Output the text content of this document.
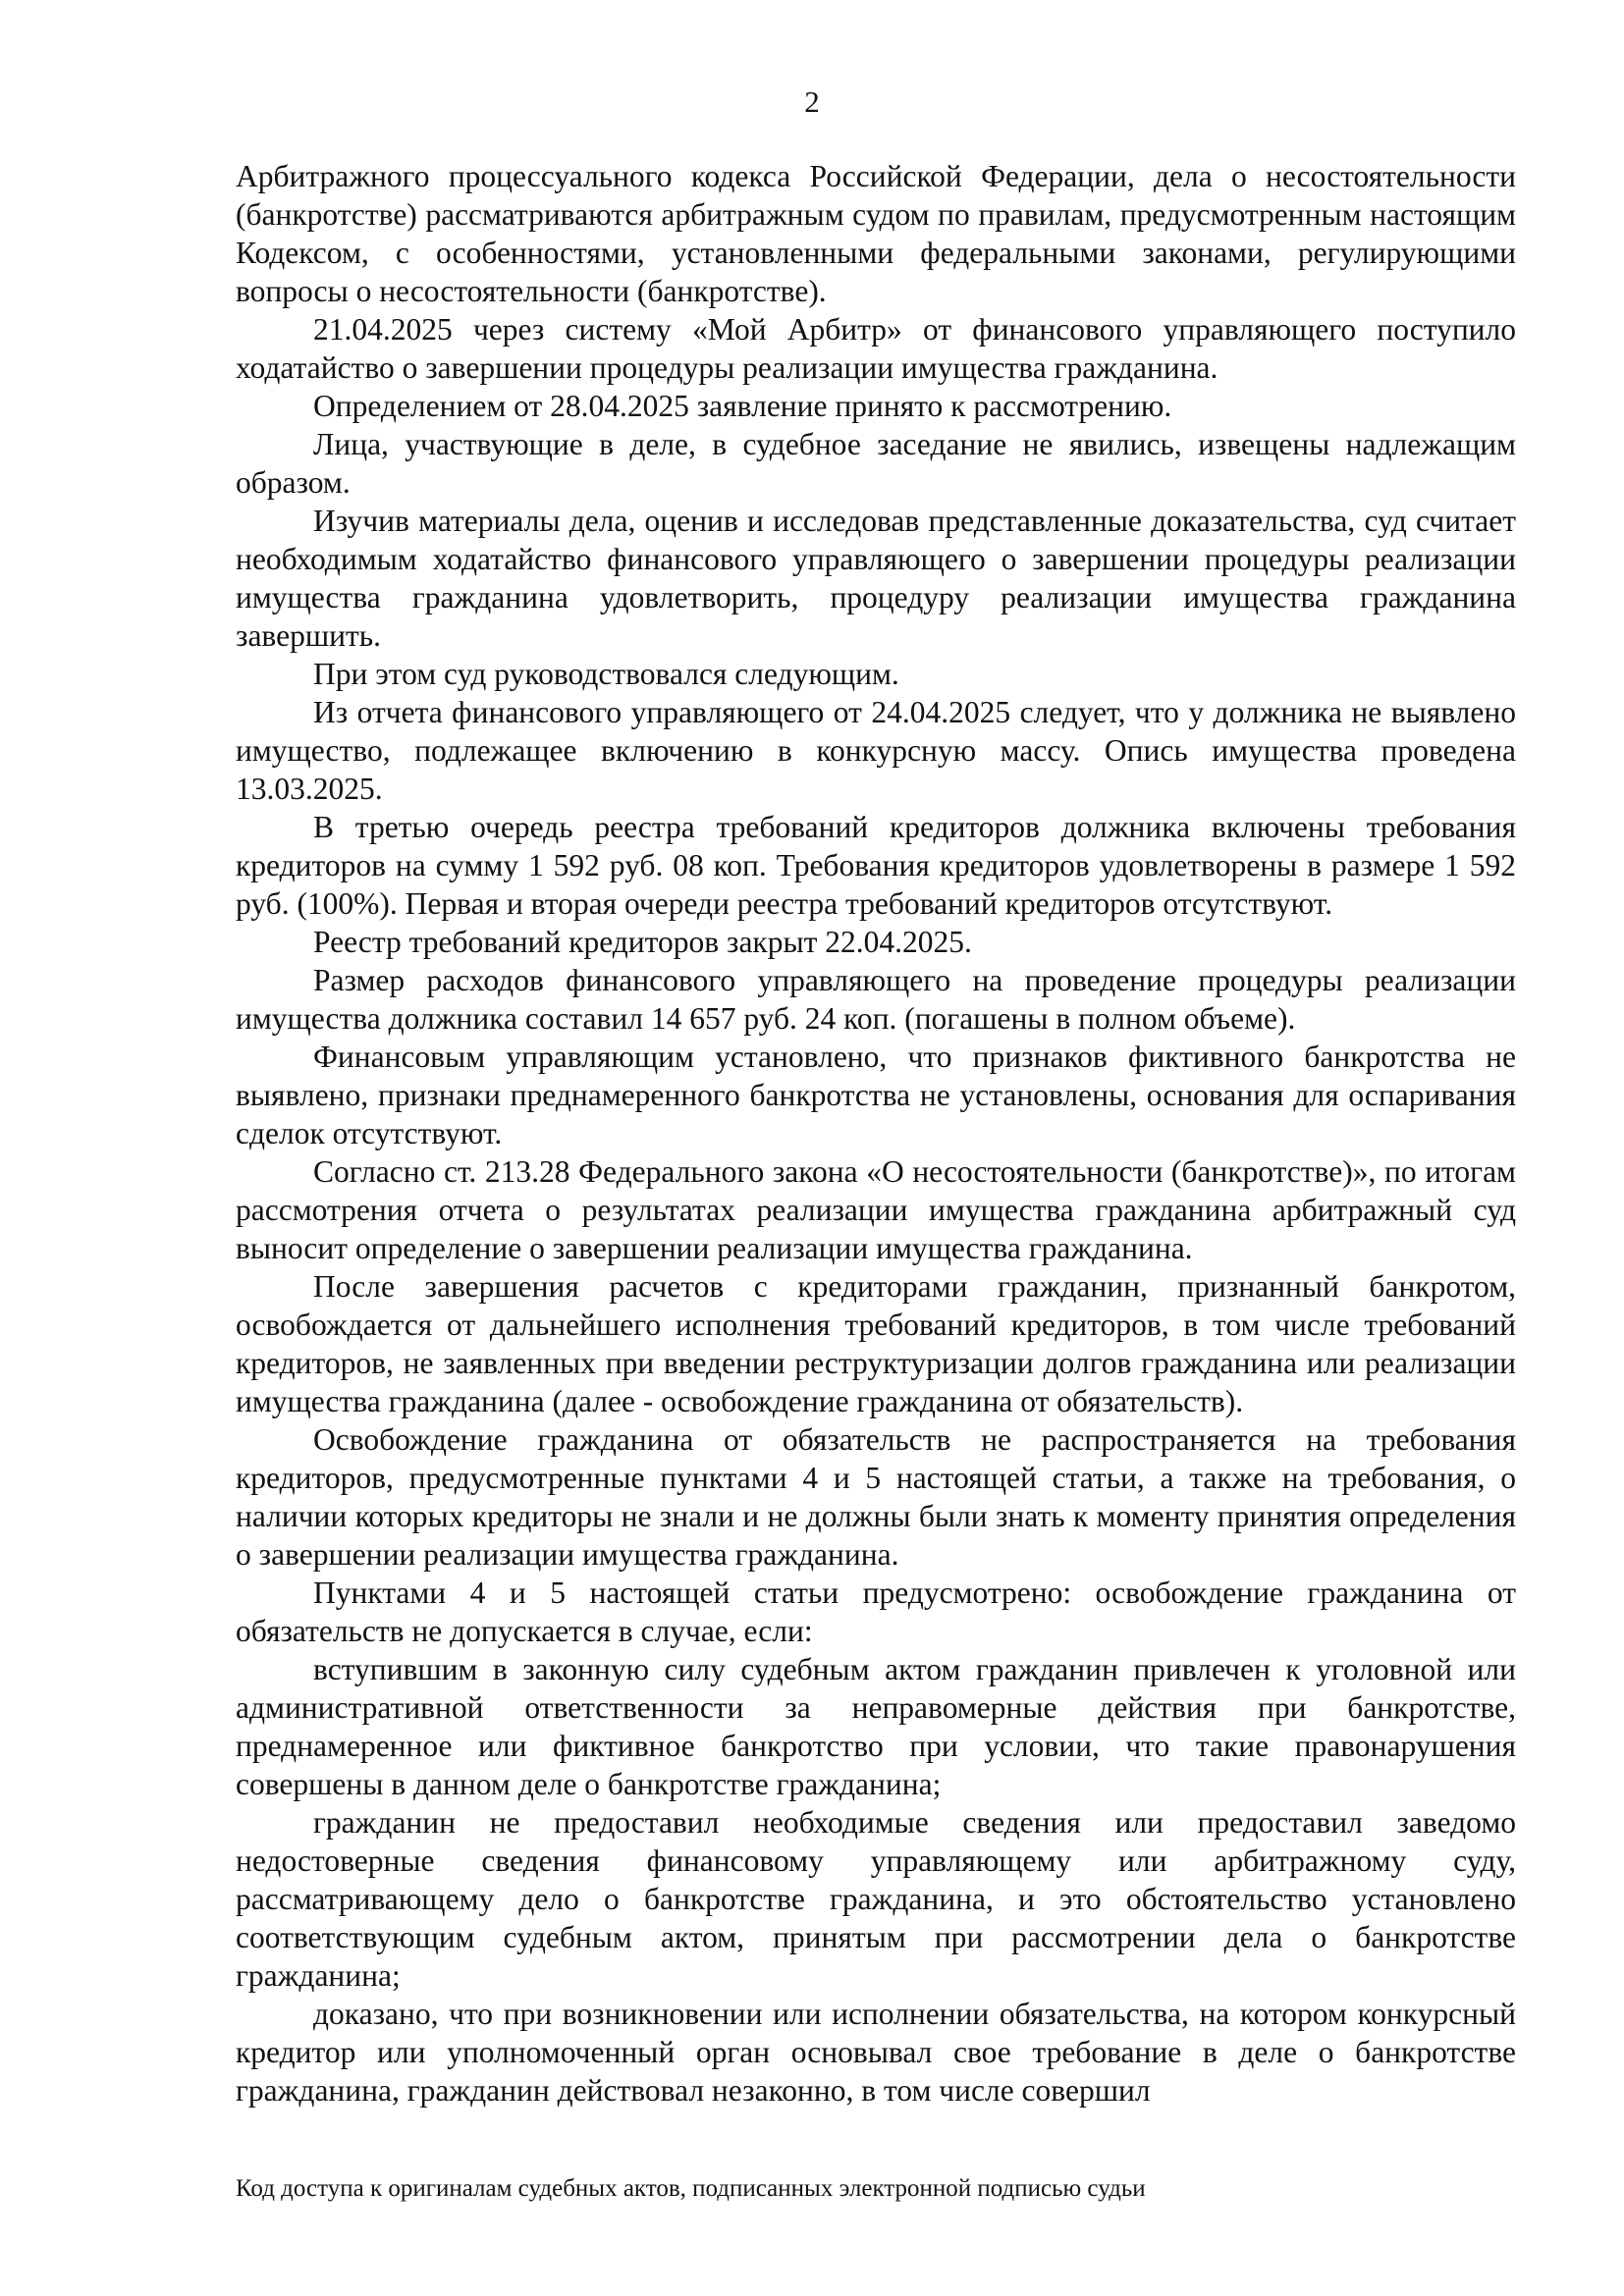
2

Арбитражного процессуального кодекса Российской Федерации, дела о несостоятельности (банкротстве) рассматриваются арбитражным судом по правилам, предусмотренным настоящим Кодексом, с особенностями, установленными федеральными законами, регулирующими вопросы о несостоятельности (банкротстве).

21.04.2025 через систему «Мой Арбитр» от финансового управляющего поступило ходатайство о завершении процедуры реализации имущества гражданина.

Определением от 28.04.2025 заявление принято к рассмотрению.

Лица, участвующие в деле, в судебное заседание не явились, извещены надлежащим образом.

Изучив материалы дела, оценив и исследовав представленные доказательства, суд считает необходимым ходатайство финансового управляющего о завершении процедуры реализации имущества гражданина удовлетворить, процедуру реализации имущества гражданина завершить.

При этом суд руководствовался следующим.

Из отчета финансового управляющего от 24.04.2025 следует, что у должника не выявлено имущество, подлежащее включению в конкурсную массу. Опись имущества проведена 13.03.2025.

В третью очередь реестра требований кредиторов должника включены требования кредиторов на сумму 1 592 руб. 08 коп. Требования кредиторов удовлетворены в размере 1 592 руб. (100%). Первая и вторая очереди реестра требований кредиторов отсутствуют.

Реестр требований кредиторов закрыт 22.04.2025.

Размер расходов финансового управляющего на проведение процедуры реализации имущества должника составил 14 657 руб. 24 коп. (погашены в полном объеме).

Финансовым управляющим установлено, что признаков фиктивного банкротства не выявлено, признаки преднамеренного банкротства не установлены, основания для оспаривания сделок отсутствуют.

Согласно ст. 213.28 Федерального закона «О несостоятельности (банкротстве)», по итогам рассмотрения отчета о результатах реализации имущества гражданина арбитражный суд выносит определение о завершении реализации имущества гражданина.

После завершения расчетов с кредиторами гражданин, признанный банкротом, освобождается от дальнейшего исполнения требований кредиторов, в том числе требований кредиторов, не заявленных при введении реструктуризации долгов гражданина или реализации имущества гражданина (далее - освобождение гражданина от обязательств).

Освобождение гражданина от обязательств не распространяется на требования кредиторов, предусмотренные пунктами 4 и 5 настоящей статьи, а также на требования, о наличии которых кредиторы не знали и не должны были знать к моменту принятия определения о завершении реализации имущества гражданина.

Пунктами 4 и 5 настоящей статьи предусмотрено: освобождение гражданина от обязательств не допускается в случае, если:

вступившим в законную силу судебным актом гражданин привлечен к уголовной или административной ответственности за неправомерные действия при банкротстве, преднамеренное или фиктивное банкротство при условии, что такие правонарушения совершены в данном деле о банкротстве гражданина;

гражданин не предоставил необходимые сведения или предоставил заведомо недостоверные сведения финансовому управляющему или арбитражному суду, рассматривающему дело о банкротстве гражданина, и это обстоятельство установлено соответствующим судебным актом, принятым при рассмотрении дела о банкротстве гражданина;

доказано, что при возникновении или исполнении обязательства, на котором конкурсный кредитор или уполномоченный орган основывал свое требование в деле о банкротстве гражданина, гражданин действовал незаконно, в том числе совершил

Код доступа к оригиналам судебных актов, подписанных электронной подписью судьи
